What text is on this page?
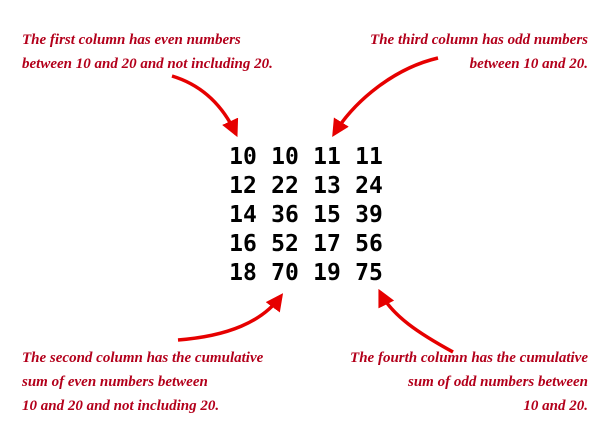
The first column has even numbers
between 10 and 20 and not including 20.
The third column has odd numbers
between 10 and 20.
The second column has the cumulative
sum of even numbers between
10 and 20 and not including 20.
The fourth column has the cumulative
sum of odd numbers between
10 and 20.
10 10 11 11
12 22 13 24
14 36 15 39
16 52 17 56
18 70 19 75
